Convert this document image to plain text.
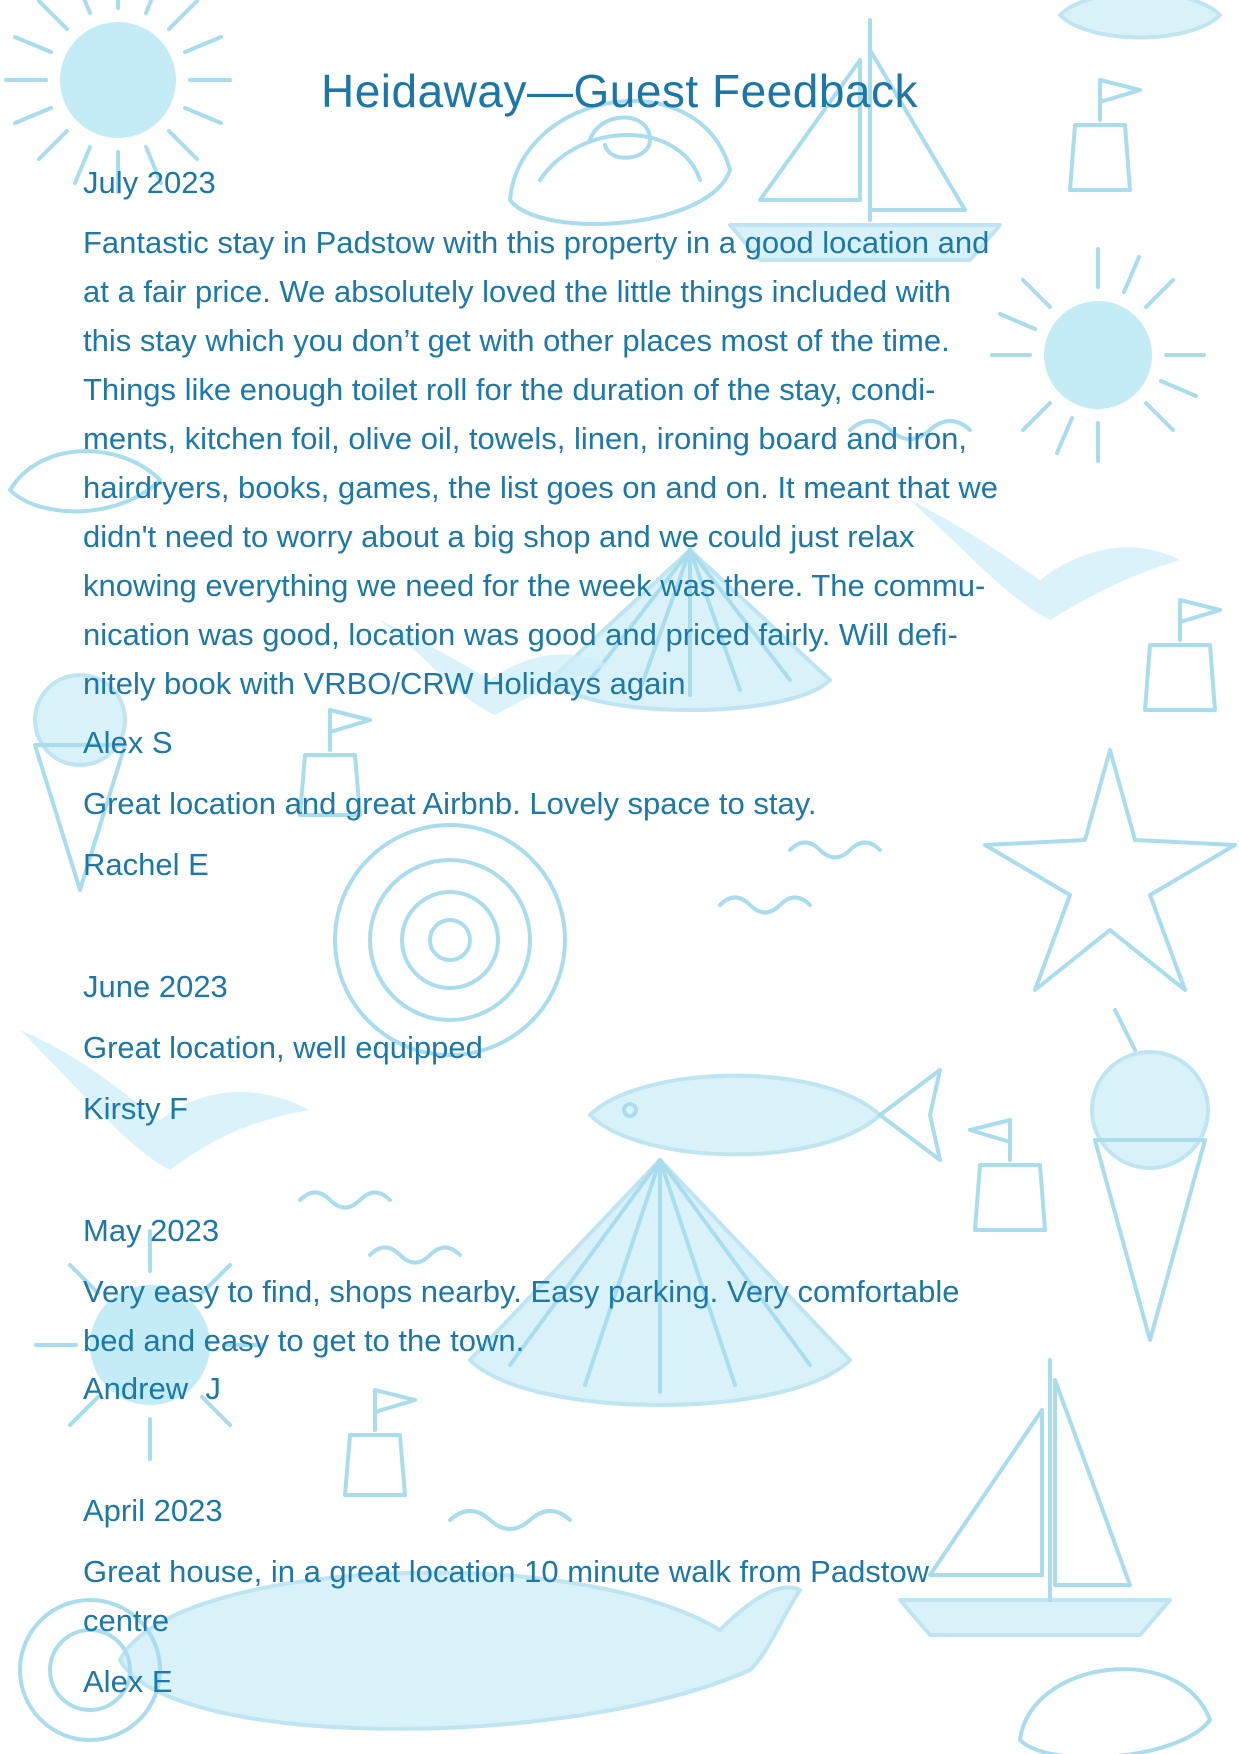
Heidaway—Guest Feedback

July 2023

Fantastic stay in Padstow with this property in a good location and

at a fair price. We absolutely loved the little things included with

this stay which you don’t get with other places most of the time.

Things like enough toilet roll for the duration of the stay, condi-

ments, kitchen foil, olive oil, towels, linen, ironing board and iron,

hairdryers, books, games, the list goes on and on. It meant that we

didn't need to worry about a big shop and we could just relax

knowing everything we need for the week was there. The commu-

nication was good, location was good and priced fairly. Will defi-

nitely book with VRBO/CRW Holidays again

Alex S

Great location and great Airbnb. Lovely space to stay.

Rachel E

June 2023

Great location, well equipped

Kirsty F

May 2023

Very easy to find, shops nearby. Easy parking. Very comfortable

bed and easy to get to the town.

Andrew  J

April 2023

Great house, in a great location 10 minute walk from Padstow

centre

Alex E
